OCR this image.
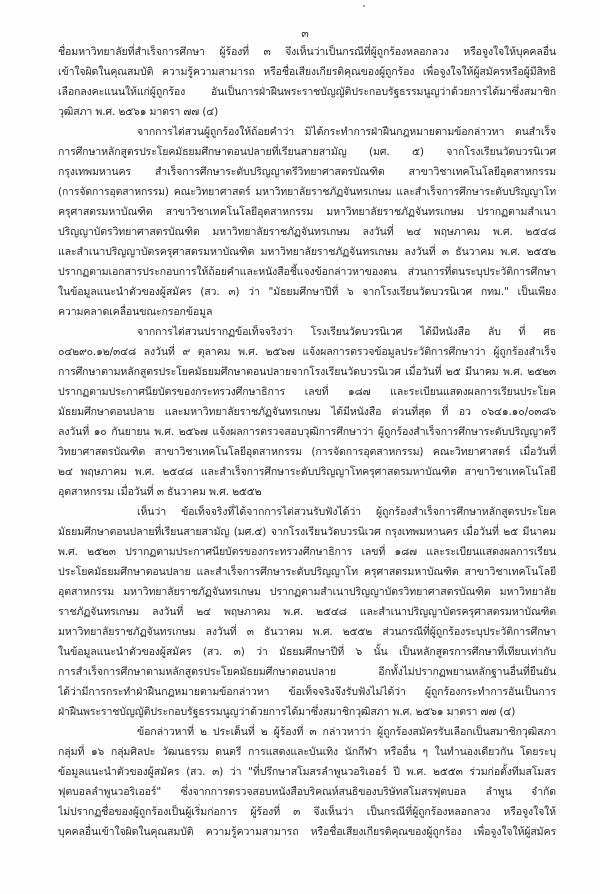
๓
ชื่อมหาวิทยาลัยที่สำเร็จการศึกษา ผู้ร้องที่ ๓ จึงเห็นว่าเป็นกรณีที่ผู้ถูกร้องหลอกลวง หรือจูงใจให้บุคคลอื่น
เข้าใจผิดในคุณสมบัติ ความรู้ความสามารถ หรือชื่อเสียงเกียรติคุณของผู้ถูกร้อง เพื่อจูงใจให้ผู้สมัครหรือผู้มีสิทธิ
เลือกลงคะแนนให้แก่ผู้ถูกร้อง อันเป็นการฝ่าฝืนพระราชบัญญัติประกอบรัฐธรรมนูญว่าด้วยการได้มาซึ่งสมาชิก
วุฒิสภา พ.ศ. ๒๕๖๑ มาตรา ๗๗ (๔)
จากการไต่สวนผู้ถูกร้องให้ถ้อยคำว่า มิได้กระทำการฝ่าฝืนกฎหมายตามข้อกล่าวหา ตนสำเร็จ
การศึกษาหลักสูตรประโยคมัธยมศึกษาตอนปลายที่เรียนสายสามัญ (มศ. ๕) จากโรงเรียนวัดบวรนิเวศ
กรุงเทพมหานคร สำเร็จการศึกษาระดับปริญญาตรีวิทยาศาสตรบัณฑิต สาขาวิชาเทคโนโลยีอุตสาหกรรม
(การจัดการอุตสาหกรรม) คณะวิทยาศาสตร์ มหาวิทยาลัยราชภัฏจันทรเกษม และสำเร็จการศึกษาระดับปริญญาโท
ครุศาสตรมหาบัณฑิต สาขาวิชาเทคโนโลยีอุตสาหกรรม มหาวิทยาลัยราชภัฏจันทรเกษม ปรากฏตามสำเนา
ปริญญาบัตรวิทยาศาสตรบัณฑิต มหาวิทยาลัยราชภัฏจันทรเกษม ลงวันที่ ๒๔ พฤษภาคม พ.ศ. ๒๕๔๘
และสำเนาปริญญาบัตรครุศาสตรมหาบัณฑิต มหาวิทยาลัยราชภัฏจันทรเกษม ลงวันที่ ๓ ธันวาคม พ.ศ. ๒๕๕๒
ปรากฏตามเอกสารประกอบการให้ถ้อยคำและหนังสือชี้แจงข้อกล่าวหาของตน ส่วนการที่ตนระบุประวัติการศึกษา
ในข้อมูลแนะนำตัวของผู้สมัคร (สว. ๓) ว่า "มัธยมศึกษาปีที่ ๖ จากโรงเรียนวัดบวรนิเวศ กทม." เป็นเพียง
ความคลาดเคลื่อนขณะกรอกข้อมูล
จากการไต่สวนปรากฏข้อเท็จจริงว่า โรงเรียนวัดบวรนิเวศ ได้มีหนังสือ ลับ ที่ ศธ
๐๔๒๙๐.๑๒/๓๔๘ ลงวันที่ ๙ ตุลาคม พ.ศ. ๒๕๖๗ แจ้งผลการตรวจข้อมูลประวัติการศึกษาว่า ผู้ถูกร้องสำเร็จ
การศึกษาตามหลักสูตรประโยคมัธยมศึกษาตอนปลายจากโรงเรียนวัดบวรนิเวศ เมื่อวันที่ ๒๕ มีนาคม พ.ศ. ๒๕๒๓
ปรากฏตามประกาศนียบัตรของกระทรวงศึกษาธิการ เลขที่ ๑๘๗ และระเบียนแสดงผลการเรียนประโยค
มัธยมศึกษาตอนปลาย และมหาวิทยาลัยราชภัฏจันทรเกษม ได้มีหนังสือ ด่วนที่สุด ที่ อว ๐๖๔๑.๑๐/๐๓๘๖
ลงวันที่ ๑๐ กันยายน พ.ศ. ๒๕๖๗ แจ้งผลการตรวจสอบวุฒิการศึกษาว่า ผู้ถูกร้องสำเร็จการศึกษาระดับปริญญาตรี
วิทยาศาสตรบัณฑิต สาขาวิชาเทคโนโลยีอุตสาหกรรม (การจัดการอุตสาหกรรม) คณะวิทยาศาสตร์ เมื่อวันที่
๒๔ พฤษภาคม พ.ศ. ๒๕๔๘ และสำเร็จการศึกษาระดับปริญญาโทครุศาสตรมหาบัณฑิต สาขาวิชาเทคโนโลยี
อุตสาหกรรม เมื่อวันที่ ๓ ธันวาคม พ.ศ. ๒๕๕๒
เห็นว่า ข้อเท็จจริงที่ได้จากการไต่สวนรับฟังได้ว่า ผู้ถูกร้องสำเร็จการศึกษาหลักสูตรประโยค
มัธยมศึกษาตอนปลายที่เรียนสายสามัญ (มศ.๕) จากโรงเรียนวัดบวรนิเวศ กรุงเทพมหานคร เมื่อวันที่ ๒๕ มีนาคม
พ.ศ. ๒๕๒๓ ปรากฏตามประกาศนียบัตรของกระทรวงศึกษาธิการ เลขที่ ๑๘๗ และระเบียนแสดงผลการเรียน
ประโยคมัธยมศึกษาตอนปลาย และสำเร็จการศึกษาระดับปริญญาโท ครุศาสตรมหาบัณฑิต สาขาวิชาเทคโนโลยี
อุตสาหกรรม มหาวิทยาลัยราชภัฏจันทรเกษม ปรากฏตามสำเนาปริญญาบัตรวิทยาศาสตรบัณฑิต มหาวิทยาลัย
ราชภัฏจันทรเกษม ลงวันที่ ๒๔ พฤษภาคม พ.ศ. ๒๕๔๘ และสำเนาปริญญาบัตรครุศาสตรมหาบัณฑิต
มหาวิทยาลัยราชภัฏจันทรเกษม ลงวันที่ ๓ ธันวาคม พ.ศ. ๒๕๕๒ ส่วนกรณีที่ผู้ถูกร้องระบุประวัติการศึกษา
ในข้อมูลแนะนำตัวของผู้สมัคร (สว. ๓) ว่า มัธยมศึกษาปีที่ ๖ นั้น เป็นหลักสูตรการศึกษาที่เทียบเท่ากับ
การสำเร็จการศึกษาตามหลักสูตรประโยคมัธยมศึกษาตอนปลาย อีกทั้งไม่ปรากฏพยานหลักฐานอื่นที่ยืนยัน
ได้ว่ามีการกระทำฝ่าฝืนกฎหมายตามข้อกล่าวหา ข้อเท็จจริงจึงรับฟังไม่ได้ว่า ผู้ถูกร้องกระทำการอันเป็นการ
ฝ่าฝืนพระราชบัญญัติประกอบรัฐธรรมนูญว่าด้วยการได้มาซึ่งสมาชิกวุฒิสภา พ.ศ. ๒๕๖๑ มาตรา ๗๗ (๔)
ข้อกล่าวหาที่ ๒ ประเด็นที่ ๒ ผู้ร้องที่ ๓ กล่าวหาว่า ผู้ถูกร้องสมัครรับเลือกเป็นสมาชิกวุฒิสภา
กลุ่มที่ ๑๖ กลุ่มศิลปะ วัฒนธรรม ดนตรี การแสดงและบันเทิง นักกีฬา หรืออื่น ๆ ในทำนองเดียวกัน โดยระบุ
ข้อมูลแนะนำตัวของผู้สมัคร (สว. ๓) ว่า "ที่ปรึกษาสโมสรลำพูนวอริเออร์ ปี พ.ศ. ๒๕๕๓ ร่วมก่อตั้งทีมสโมสร
ฟุตบอลลำพูนวอริเออร์" ซึ่งจากการตรวจสอบหนังสือบริคณห์สนธิของบริษัทสโมสรฟุตบอล ลำพูน จำกัด
ไม่ปรากฏชื่อของผู้ถูกร้องเป็นผู้เริ่มก่อการ ผู้ร้องที่ ๓ จึงเห็นว่า เป็นกรณีที่ผู้ถูกร้องหลอกลวง หรือจูงใจให้
บุคคลอื่นเข้าใจผิดในคุณสมบัติ ความรู้ความสามารถ หรือชื่อเสียงเกียรติคุณของผู้ถูกร้อง เพื่อจูงใจให้ผู้สมัคร
